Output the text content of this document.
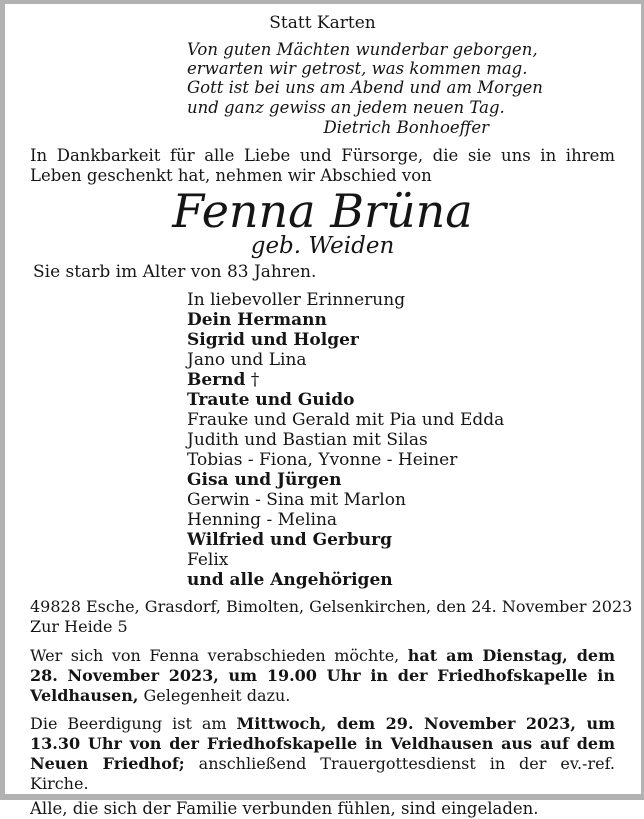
Statt Karten
Von guten Mächten wunderbar geborgen,
erwarten wir getrost, was kommen mag.
Gott ist bei uns am Abend und am Morgen
und ganz gewiss an jedem neuen Tag.
Dietrich Bonhoeffer
In Dankbarkeit für alle Liebe und Fürsorge, die sie uns in ihrem Leben geschenkt hat, nehmen wir Abschied von
Fenna Brüna
geb. Weiden
Sie starb im Alter von 83 Jahren.
In liebevoller Erinnerung
Dein Hermann
Sigrid und Holger
Jano und Lina
Bernd †
Traute und Guido
Frauke und Gerald mit Pia und Edda
Judith und Bastian mit Silas
Tobias - Fiona, Yvonne - Heiner
Gisa und Jürgen
Gerwin - Sina mit Marlon
Henning - Melina
Wilfried und Gerburg
Felix
und alle Angehörigen
49828 Esche, Grasdorf, Bimolten, Gelsenkirchen, den 24. November 2023
Zur Heide 5
Wer sich von Fenna verabschieden möchte, hat am Dienstag, dem 28. November 2023, um 19.00 Uhr in der Friedhofskapelle in Veldhausen, Gelegenheit dazu.
Die Beerdigung ist am Mittwoch, dem 29. November 2023, um 13.30 Uhr von der Friedhofskapelle in Veldhausen aus auf dem Neuen Friedhof; anschließend Trauergottesdienst in der ev.-ref. Kirche.
Alle, die sich der Familie verbunden fühlen, sind eingeladen.
